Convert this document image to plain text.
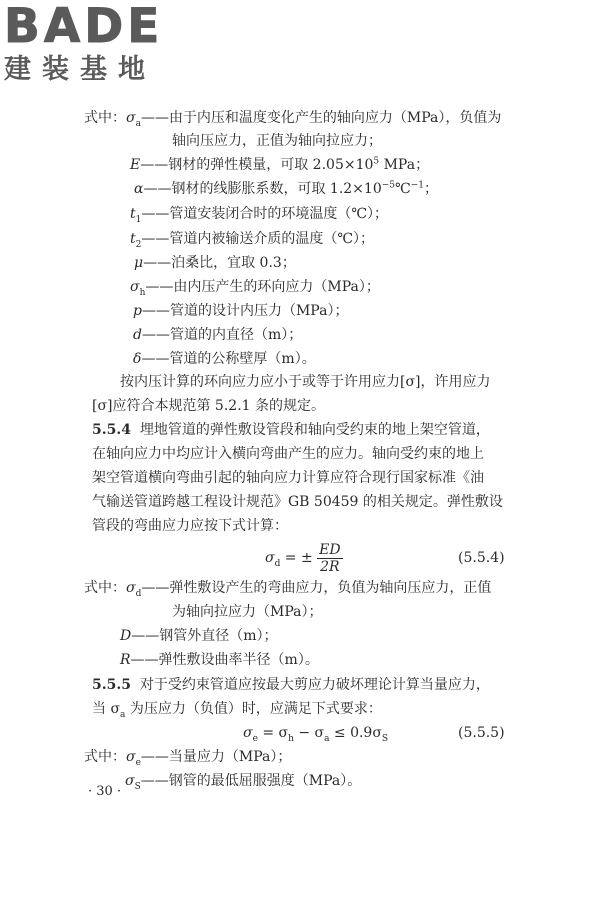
BADE
建装基地
式中：$\sigma_a——$由于内压和温度变化产生的轴向应力（MPa），负值为
轴向压应力，正值为轴向拉应力；
E——钢材的弹性模量，可取 $2.05\times 10^5$ MPa；
α——钢材的线膨胀系数，可取 $1.2\times 10^{-5}℃^{-1}$；
$t_1——$管道安装闭合时的环境温度（℃）；
$t_2——$管道内被输送介质的温度（℃）；
μ——泊桑比，宜取 0.3；
$\sigma_h——$由内压产生的环向应力（MPa）；
p——管道的设计内压力（MPa）；
d——管道的内直径（m）；
δ——管道的公称壁厚（m）。
按内压计算的环向应力应小于或等于许用应力[σ]，许用应力
[σ]应符合本规范第 5.2.1 条的规定。
5.5.4 埋地管道的弹性敷设管段和轴向受约束的地上架空管道，
在轴向应力中均应计入横向弯曲产生的应力。轴向受约束的地上
架空管道横向弯曲引起的轴向应力计算应符合现行国家标准《油
气输送管道跨越工程设计规范》GB 50459 的相关规定。弹性敷设
管段的弯曲应力应按下式计算：
$\sigma_d$ = ± $\frac{ED}{2R}$	(5.5.4)
式中：$\sigma_d——$弹性敷设产生的弯曲应力，负值为轴向压应力，正值
为轴向拉应力（MPa）；
D——钢管外直径（m）；
R——弹性敷设曲率半径（m）。
5.5.5 对于受约束管道应按最大剪应力破坏理论计算当量应力，
当 $\sigma_a$ 为压应力（负值）时，应满足下式要求：
$\sigma_e = \sigma_h - \sigma_a \le 0.9\sigma_S$	(5.5.5)
式中：$\sigma_e——$当量应力（MPa）；
$\sigma_S——$钢管的最低屈服强度（MPa）。
· 30 ·
